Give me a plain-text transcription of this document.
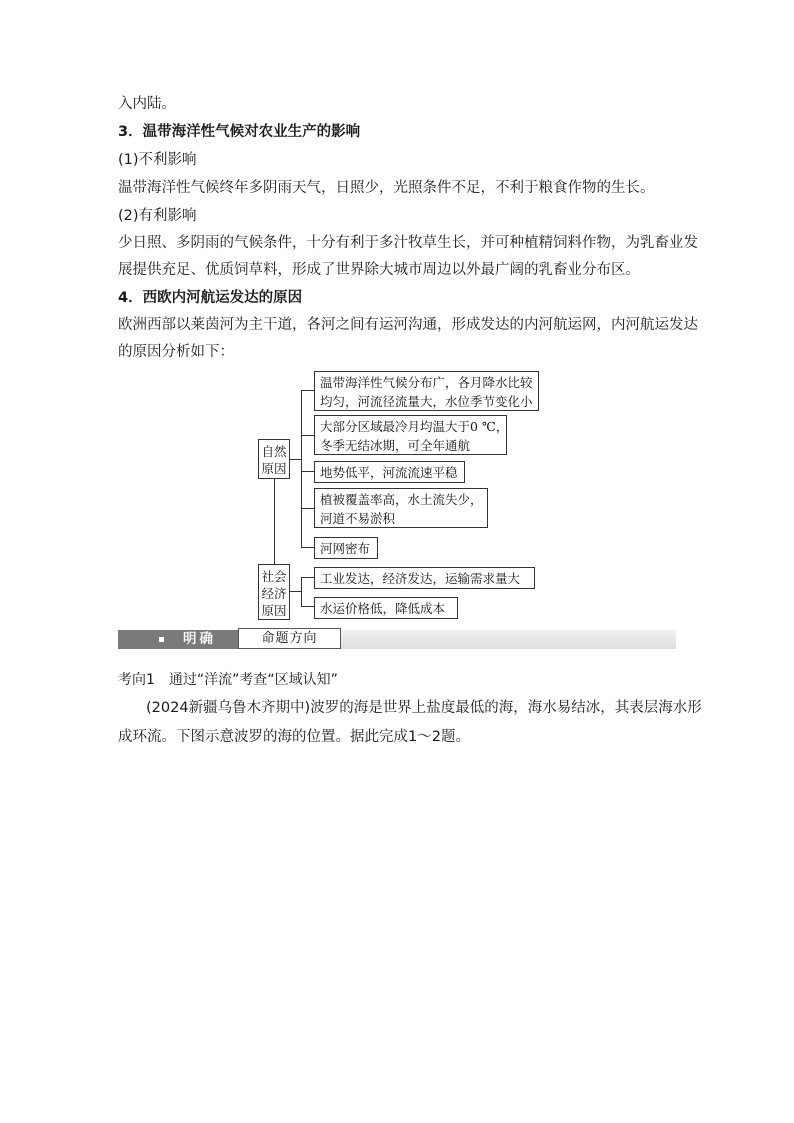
入内陆。
3．温带海洋性气候对农业生产的影响
(1)不利影响
温带海洋性气候终年多阴雨天气，日照少，光照条件不足，不利于粮食作物的生长。
(2)有利影响
少日照、多阴雨的气候条件，十分有利于多汁牧草生长，并可种植精饲料作物，为乳畜业发
展提供充足、优质饲草料，形成了世界除大城市周边以外最广阔的乳畜业分布区。
4．西欧内河航运发达的原因
欧洲西部以莱茵河为主干道，各河之间有运河沟通，形成发达的内河航运网，内河航运发达
的原因分析如下：
自然
原因
温带海洋性气候分布广，各月降水比较
均匀，河流径流量大，水位季节变化小
大部分区域最冷月均温大于0 ℃，
冬季无结冰期，可全年通航
地势低平，河流流速平稳
植被覆盖率高，水土流失少，
河道不易淤积
河网密布
社会
经济
原因
工业发达，经济发达，运输需求量大
水运价格低，降低成本
明确	命题方向
考向1　通过“洋流”考查“区域认知”
(2024新疆乌鲁木齐期中)波罗的海是世界上盐度最低的海，海水易结冰，其表层海水形
成环流。下图示意波罗的海的位置。据此完成1～2题。
